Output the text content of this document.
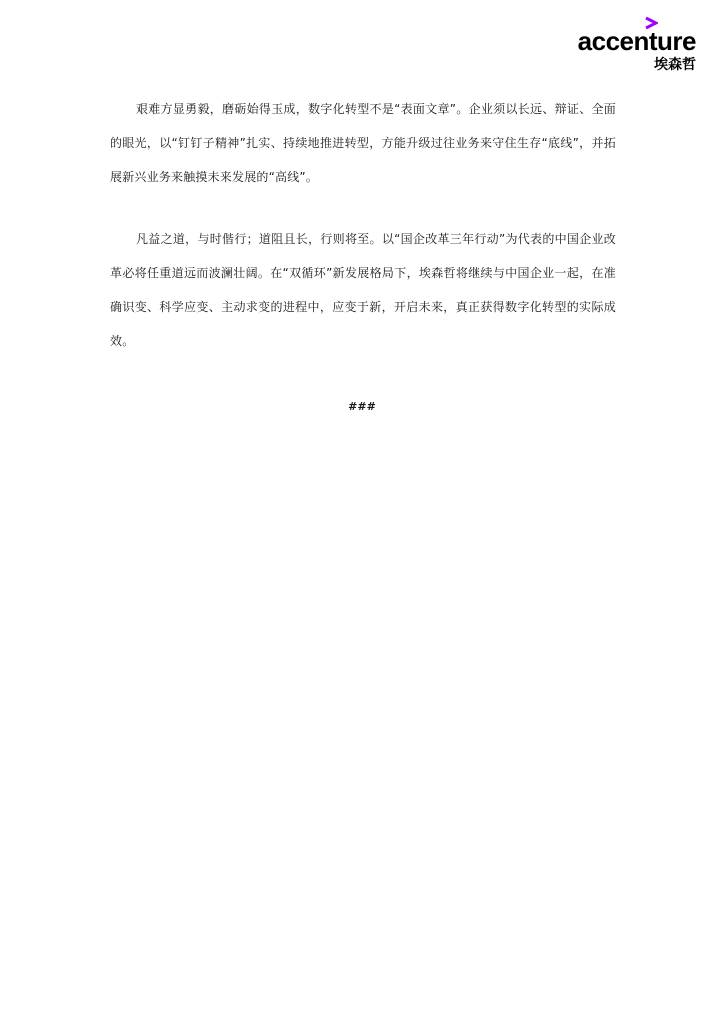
accenture
埃森哲

艰难方显勇毅，磨砺始得玉成，数字化转型不是“表面文章”。企业须以长远、辩证、全面的眼光，以“钉钉子精神”扎实、持续地推进转型，方能升级过往业务来守住生存“底线”，并拓展新兴业务来触摸未来发展的“高线”。

凡益之道，与时偕行；道阻且长，行则将至。以“国企改革三年行动”为代表的中国企业改革必将任重道远而波澜壮阔。在“双循环”新发展格局下，埃森哲将继续与中国企业一起，在准确识变、科学应变、主动求变的进程中，应变于新，开启未来，真正获得数字化转型的实际成效。

###
